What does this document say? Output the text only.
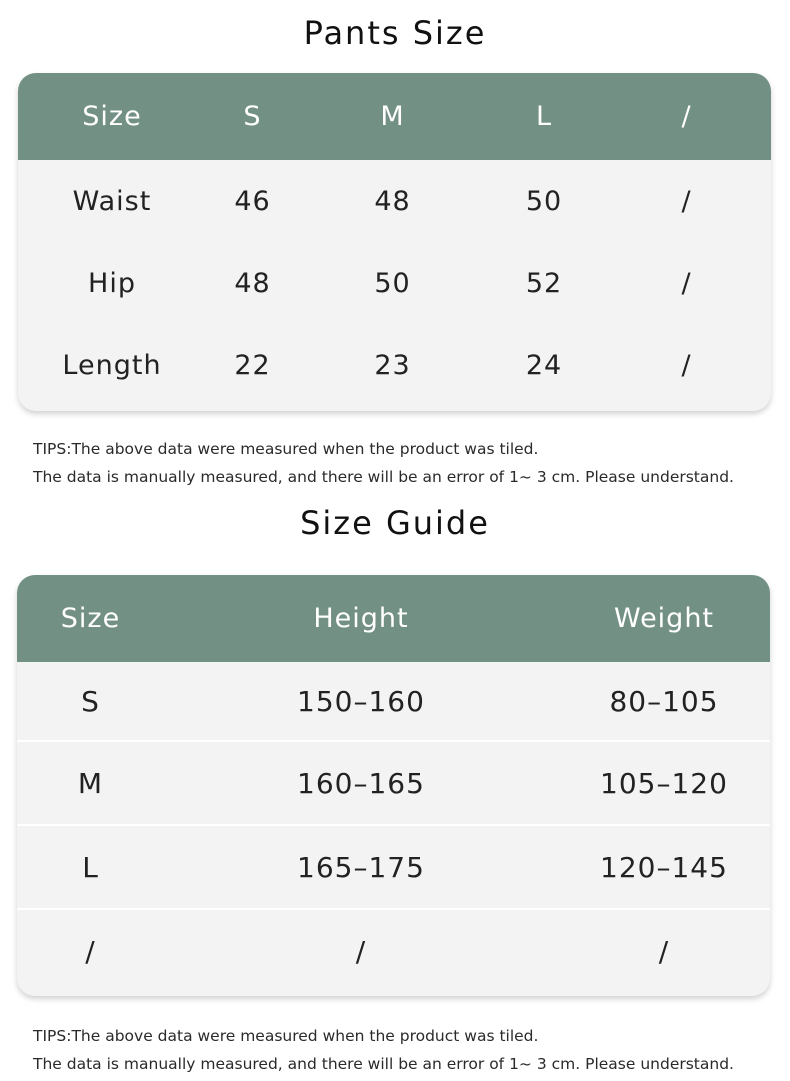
Pants Size
Size	S	M	L	/
Waist	46	48	50	/
Hip	48	50	52	/
Length	22	23	24	/
TIPS:The above data were measured when the product was tiled.
The data is manually measured, and there will be an error of 1~ 3 cm. Please understand.
Size Guide
Size	Height	Weight
S	150–160	80–105
M	160–165	105–120
L	165–175	120–145
/	/	/
TIPS:The above data were measured when the product was tiled.
The data is manually measured, and there will be an error of 1~ 3 cm. Please understand.
